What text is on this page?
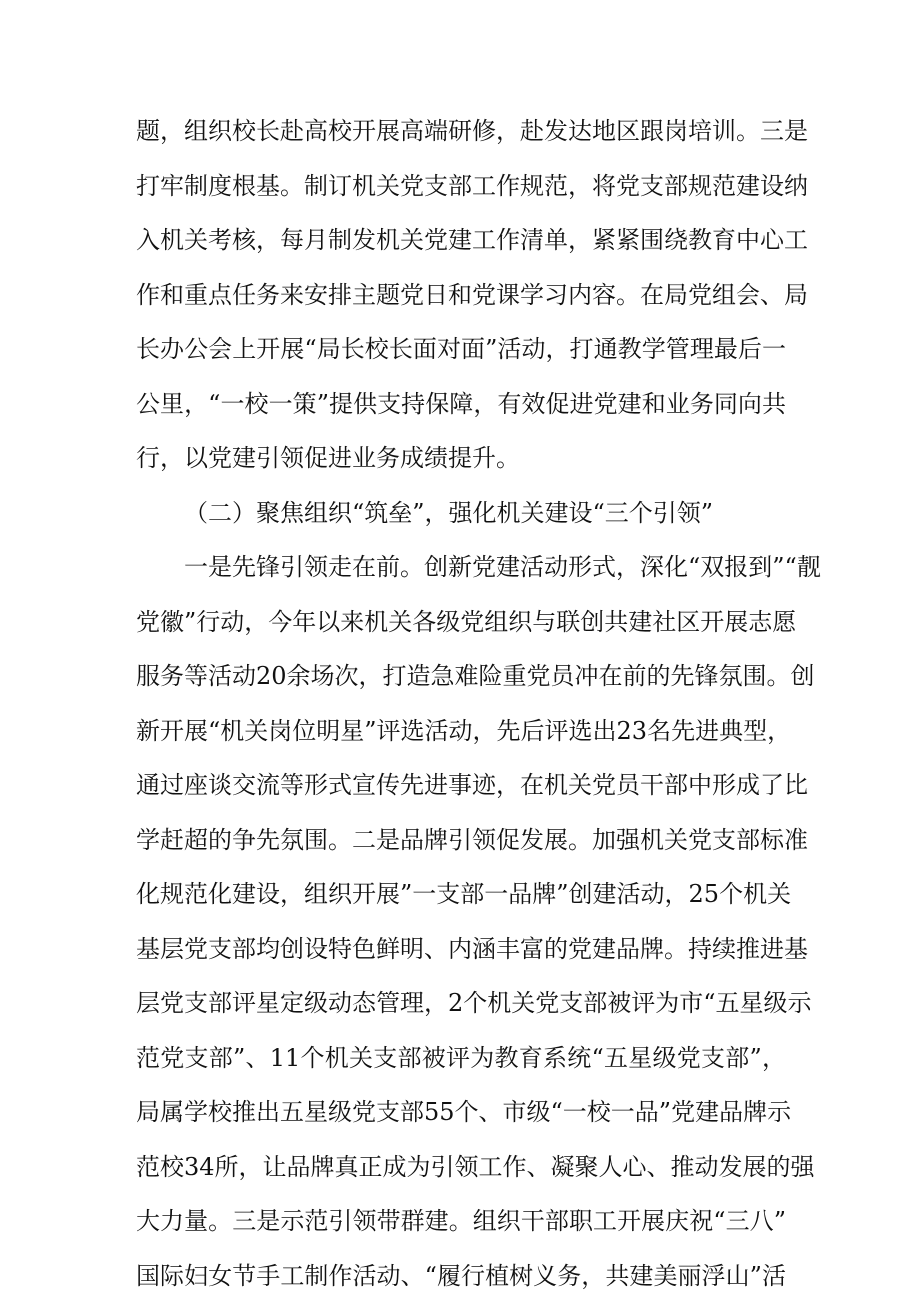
题，组织校长赴高校开展高端研修，赴发达地区跟岗培训。三是
打牢制度根基。制订机关党支部工作规范，将党支部规范建设纳
入机关考核，每月制发机关党建工作清单，紧紧围绕教育中心工
作和重点任务来安排主题党日和党课学习内容。在局党组会、局
长办公会上开展“局长校长面对面”活动，打通教学管理最后一
公里，“一校一策”提供支持保障，有效促进党建和业务同向共
行，以党建引领促进业务成绩提升。
（二）聚焦组织“筑垒”，强化机关建设“三个引领”
一是先锋引领走在前。创新党建活动形式，深化“双报到”“靓
党徽”行动，今年以来机关各级党组织与联创共建社区开展志愿
服务等活动20余场次，打造急难险重党员冲在前的先锋氛围。创
新开展“机关岗位明星”评选活动，先后评选出23名先进典型，
通过座谈交流等形式宣传先进事迹，在机关党员干部中形成了比
学赶超的争先氛围。二是品牌引领促发展。加强机关党支部标准
化规范化建设，组织开展”一支部一品牌”创建活动，25个机关
基层党支部均创设特色鲜明、内涵丰富的党建品牌。持续推进基
层党支部评星定级动态管理，2个机关党支部被评为市“五星级示
范党支部”、11个机关支部被评为教育系统“五星级党支部”，
局属学校推出五星级党支部55个、市级“一校一品”党建品牌示
范校34所，让品牌真正成为引领工作、凝聚人心、推动发展的强
大力量。三是示范引领带群建。组织干部职工开展庆祝“三八”
国际妇女节手工制作活动、“履行植树义务，共建美丽浮山”活
